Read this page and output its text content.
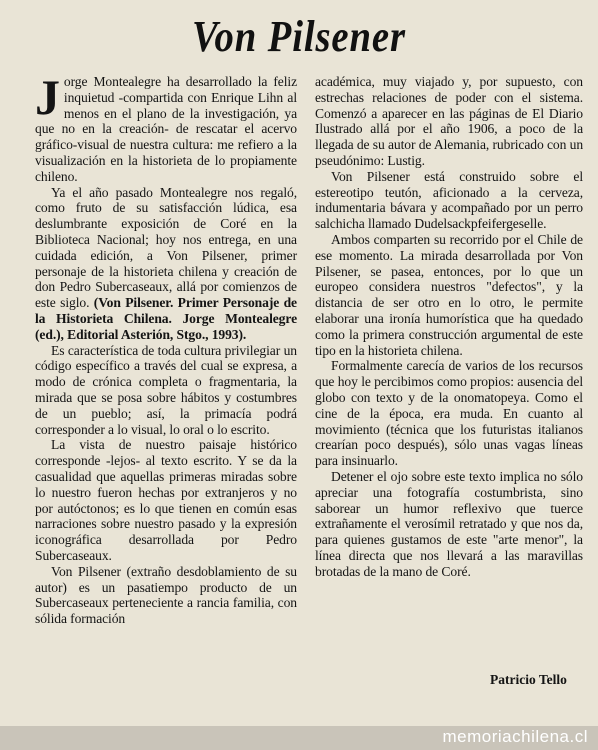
Von Pilsener

Jorge Montealegre ha desarrollado la feliz inquietud -compartida con Enrique Lihn al menos en el plano de la investigación, ya que no en la creación- de rescatar el acervo gráfico-visual de nuestra cultura: me refiero a la visualización en la historieta de lo propiamente chileno.

Ya el año pasado Montealegre nos regaló, como fruto de su satisfacción lúdica, esa deslumbrante exposición de Coré en la Biblioteca Nacional; hoy nos entrega, en una cuidada edición, a Von Pilsener, primer personaje de la historieta chilena y creación de don Pedro Subercaseaux, allá por comienzos de este siglo. (Von Pilsener. Primer Personaje de la Historieta Chilena. Jorge Montealegre (ed.), Editorial Asterión, Stgo., 1993).

Es característica de toda cultura privilegiar un código específico a través del cual se expresa, a modo de crónica completa o fragmentaria, la mirada que se posa sobre hábitos y costumbres de un pueblo; así, la primacía podrá corresponder a lo visual, lo oral o lo escrito.

La vista de nuestro paisaje histórico corresponde -lejos- al texto escrito. Y se da la casualidad que aquellas primeras miradas sobre lo nuestro fueron hechas por extranjeros y no por autóctonos; es lo que tienen en común esas narraciones sobre nuestro pasado y la expresión iconográfica desarrollada por Pedro Subercaseaux.

Von Pilsener (extraño desdoblamiento de su autor) es un pasatiempo producto de un Subercaseaux perteneciente a rancia familia, con sólida formación

académica, muy viajado y, por supuesto, con estrechas relaciones de poder con el sistema. Comenzó a aparecer en las páginas de El Diario Ilustrado allá por el año 1906, a poco de la llegada de su autor de Alemania, rubricado con un pseudónimo: Lustig.

Von Pilsener está construido sobre el estereotipo teutón, aficionado a la cerveza, indumentaria bávara y acompañado por un perro salchicha llamado Dudelsackpfeifergeselle.

Ambos comparten su recorrido por el Chile de ese momento. La mirada desarrollada por Von Pilsener, se pasea, entonces, por lo que un europeo considera nuestros "defectos", y la distancia de ser otro en lo otro, le permite elaborar una ironía humorística que ha quedado como la primera construcción argumental de este tipo en la historieta chilena.

Formalmente carecía de varios de los recursos que hoy le percibimos como propios: ausencia del globo con texto y de la onomatopeya. Como el cine de la época, era muda. En cuanto al movimiento (técnica que los futuristas italianos crearían poco después), sólo unas vagas líneas para insinuarlo.

Detener el ojo sobre este texto implica no sólo apreciar una fotografía costumbrista, sino saborear un humor reflexivo que tuerce extrañamente el verosímil retratado y que nos da, para quienes gustamos de este "arte menor", la línea directa que nos llevará a las maravillas brotadas de la mano de Coré.

Patricio Tello
memoriachilena.cl
